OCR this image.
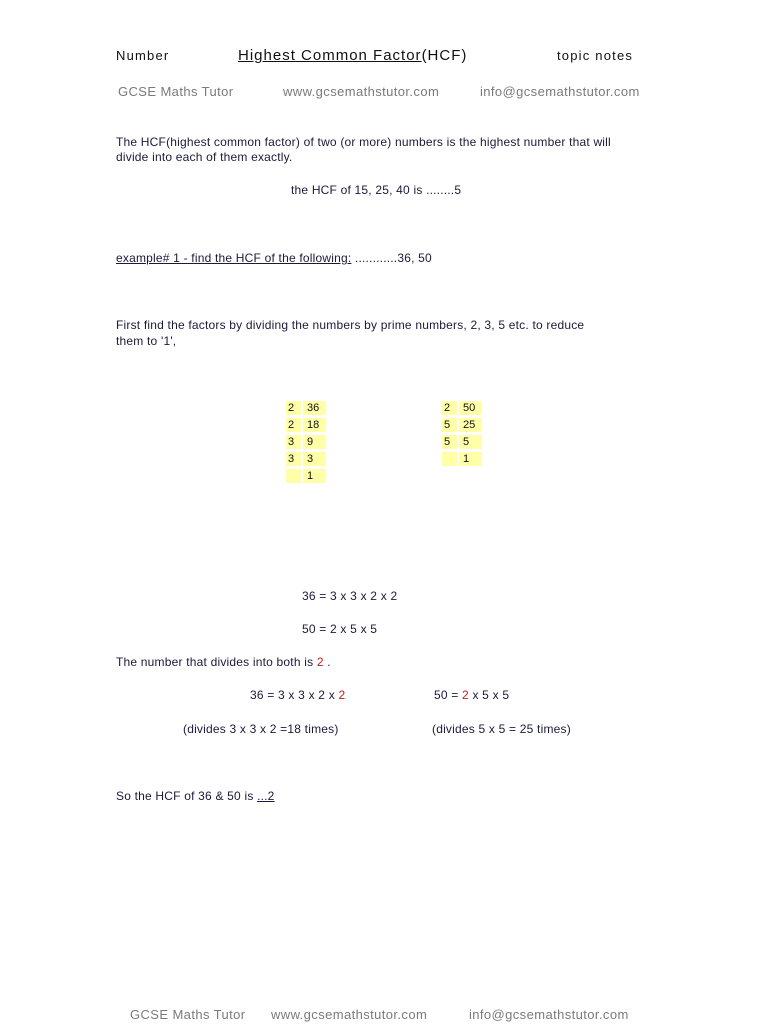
Number	Highest Common Factor(HCF)	topic notes
GCSE Maths Tutor	www.gcsemathstutor.com	info@gcsemathstutor.com
The HCF(highest common factor) of two (or more) numbers is the highest number that will
divide into each of them exactly.
the HCF of 15, 25, 40 is ........5
example# 1 - find the HCF of the following: ............36, 50
First find the factors by dividing the numbers by prime numbers, 2, 3, 5 etc. to reduce
them to '1',
2	36
2	18
3	9
3	3
	1
2	50
5	25
5	5
	1
36 = 3 x 3 x 2 x 2
50 = 2 x 5 x 5
The number that divides into both is 2 .
36 = 3 x 3 x 2 x 2	50 = 2 x 5 x 5
(divides 3 x 3 x 2 =18 times)	(divides 5 x 5 = 25 times)
So the HCF of 36 & 50 is ...2
GCSE Maths Tutor www.gcsemathstutor.com	info@gcsemathstutor.com
